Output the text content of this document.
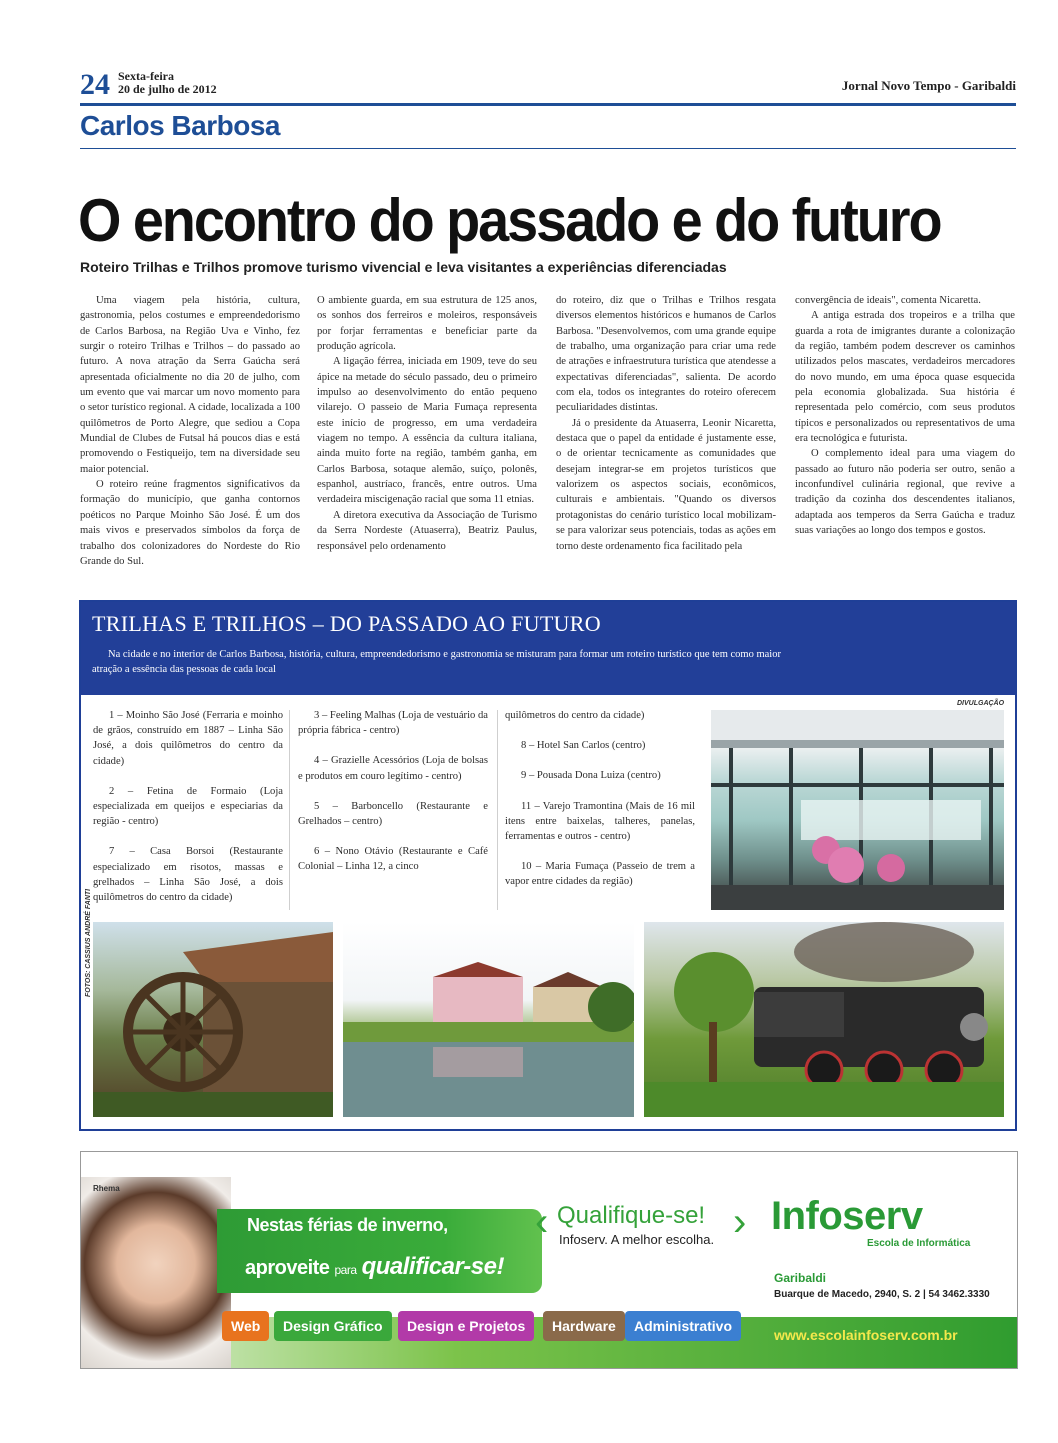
24 Sexta-feira
20 de julho de 2012	Jornal Novo Tempo - Garibaldi
Carlos Barbosa
O encontro do passado e do futuro
Roteiro Trilhas e Trilhos promove turismo vivencial e leva visitantes a experiências diferenciadas

Uma viagem pela história, cultura, gastronomia, pelos costumes e empreendedorismo de Carlos Barbosa, na Região Uva e Vinho, fez surgir o roteiro Trilhas e Trilhos – do passado ao futuro. A nova atração da Serra Gaúcha será apresentada oficialmente no dia 20 de julho, com um evento que vai marcar um novo momento para o setor turístico regional. A cidade, localizada a 100 quilômetros de Porto Alegre, que sediou a Copa Mundial de Clubes de Futsal há poucos dias e está promovendo o Festiqueijo, tem na diversidade seu maior potencial.

O roteiro reúne fragmentos significativos da formação do município, que ganha contornos poéticos no Parque Moinho São José. É um dos mais vivos e preservados símbolos da força de trabalho dos colonizadores do Nordeste do Rio Grande do Sul.

O ambiente guarda, em sua estrutura de 125 anos, os sonhos dos ferreiros e moleiros, responsáveis por forjar ferramentas e beneficiar parte da produção agrícola.

A ligação férrea, iniciada em 1909, teve do seu ápice na metade do século passado, deu o primeiro impulso ao desenvolvimento do então pequeno vilarejo. O passeio de Maria Fumaça representa este início de progresso, em uma verdadeira viagem no tempo. A essência da cultura italiana, ainda muito forte na região, também ganha, em Carlos Barbosa, sotaque alemão, suíço, polonês, espanhol, austríaco, francês, entre outros. Uma verdadeira miscigenação racial que soma 11 etnias.

A diretora executiva da Associação de Turismo da Serra Nordeste (Atuaserra), Beatriz Paulus, responsável pelo ordenamento

do roteiro, diz que o Trilhas e Trilhos resgata diversos elementos históricos e humanos de Carlos Barbosa. "Desenvolvemos, com uma grande equipe de trabalho, uma organização para criar uma rede de atrações e infraestrutura turística que atendesse a expectativas diferenciadas", salienta. De acordo com ela, todos os integrantes do roteiro oferecem peculiaridades distintas.

Já o presidente da Atuaserra, Leonir Nicaretta, destaca que o papel da entidade é justamente esse, o de orientar tecnicamente as comunidades que desejam integrar-se em projetos turísticos que valorizem os aspectos sociais, econômicos, culturais e ambientais. "Quando os diversos protagonistas do cenário turístico local mobilizam-se para valorizar seus potenciais, todas as ações em torno deste ordenamento fica facilitado pela

convergência de ideais", comenta Nicaretta.

A antiga estrada dos tropeiros e a trilha que guarda a rota de imigrantes durante a colonização da região, também podem descrever os caminhos utilizados pelos mascates, verdadeiros mercadores do novo mundo, em uma época quase esquecida pela economia globalizada. Sua história é representada pelo comércio, com seus produtos típicos e personalizados ou representativos de uma era tecnológica e futurista.

O complemento ideal para uma viagem do passado ao futuro não poderia ser outro, senão a inconfundível culinária regional, que revive a tradição da cozinha dos descendentes italianos, adaptada aos temperos da Serra Gaúcha e traduz suas variações ao longo dos tempos e gostos.

TRILHAS E TRILHOS – DO PASSADO AO FUTURO
Na cidade e no interior de Carlos Barbosa, história, cultura, empreendedorismo e gastronomia se misturam para formar um roteiro turístico que tem como maior atração a essência das pessoas de cada local
DIVULGAÇÃO
1 – Moinho São José (Ferraria e moinho de grãos, construído em 1887 – Linha São José, a dois quilômetros do centro da cidade)
2 – Fetina de Formaio (Loja especializada em queijos e especiarias da região - centro)
7 – Casa Borsoi (Restaurante especializado em risotos, massas e grelhados – Linha São José, a dois quilômetros do centro da cidade)
3 – Feeling Malhas (Loja de vestuário da própria fábrica - centro)
4 – Grazielle Acessórios (Loja de bolsas e produtos em couro legítimo - centro)
5 – Barboncello (Restaurante e Grelhados – centro)
6 – Nono Otávio (Restaurante e Café Colonial – Linha 12, a cinco
quilômetros do centro da cidade)
8 – Hotel San Carlos (centro)
9 – Pousada Dona Luiza (centro)
11 – Varejo Tramontina (Mais de 16 mil itens entre baixelas, talheres, panelas, ferramentas e outros - centro)
10 – Maria Fumaça (Passeio de trem a vapor entre cidades da região)
FOTOS: CASSIUS ANDRÉ FANTI
Rhema
Nestas férias de inverno,
aproveite para qualificar-se!
‹ Qualifique-se! ›
Infoserv. A melhor escolha.
Infoserv
Escola de Informática
Garibaldi
Buarque de Macedo, 2940, S. 2 | 54 3462.3330
Web	Design Gráfico	Design e Projetos	Hardware	Administrativo
www.escolainfoserv.com.br
